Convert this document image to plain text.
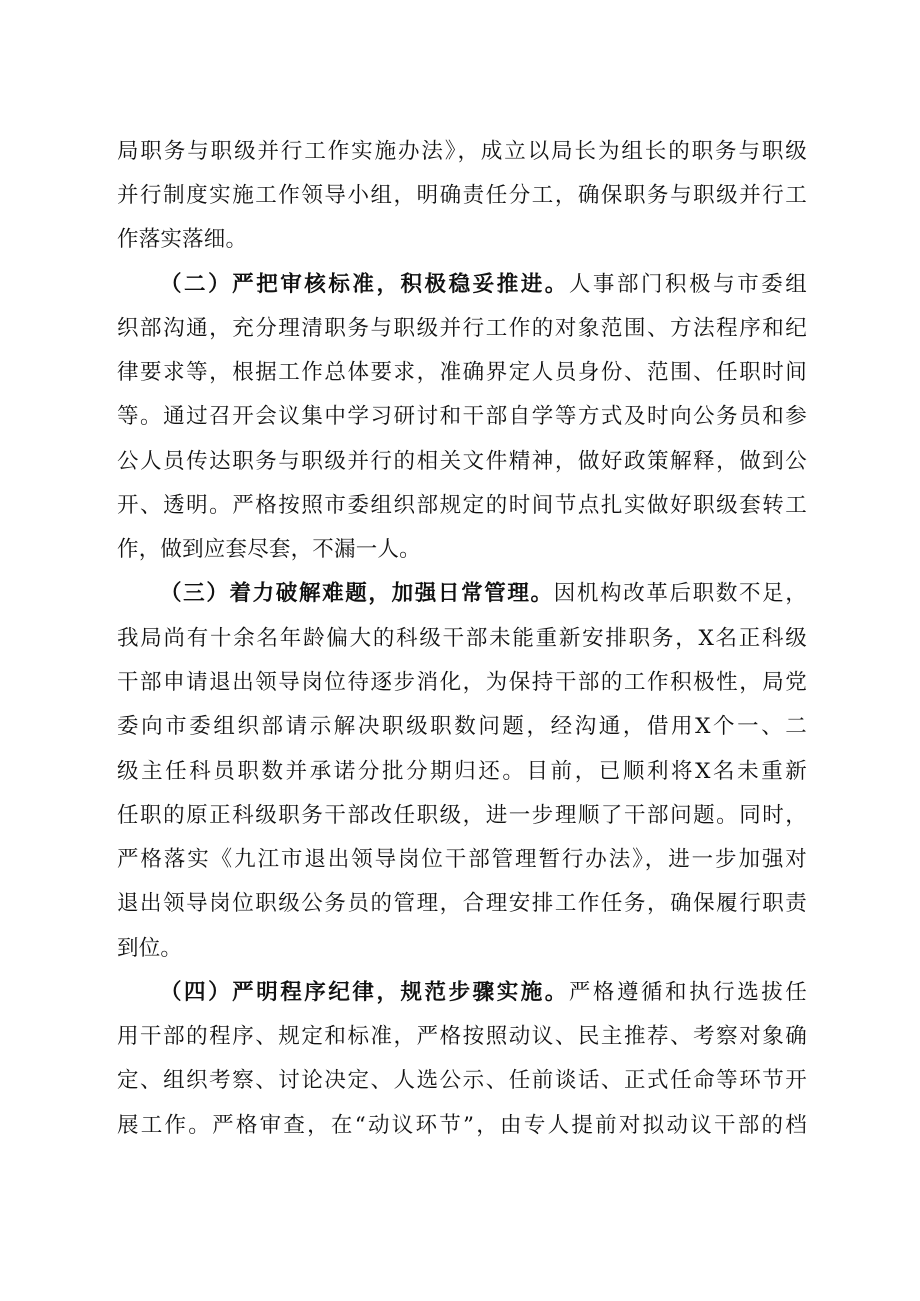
局职务与职级并行工作实施办法》，成立以局长为组长的职务与职级
并行制度实施工作领导小组，明确责任分工，确保职务与职级并行工
作落实落细。
（二）严把审核标准，积极稳妥推进。人事部门积极与市委组
织部沟通，充分理清职务与职级并行工作的对象范围、方法程序和纪
律要求等，根据工作总体要求，准确界定人员身份、范围、任职时间
等。通过召开会议集中学习研讨和干部自学等方式及时向公务员和参
公人员传达职务与职级并行的相关文件精神，做好政策解释，做到公
开、透明。严格按照市委组织部规定的时间节点扎实做好职级套转工
作，做到应套尽套，不漏一人。
（三）着力破解难题，加强日常管理。因机构改革后职数不足，
我局尚有十余名年龄偏大的科级干部未能重新安排职务，X名正科级
干部申请退出领导岗位待逐步消化，为保持干部的工作积极性，局党
委向市委组织部请示解决职级职数问题，经沟通，借用X个一、二
级主任科员职数并承诺分批分期归还。目前，已顺利将X名未重新
任职的原正科级职务干部改任职级，进一步理顺了干部问题。同时，
严格落实《九江市退出领导岗位干部管理暂行办法》，进一步加强对
退出领导岗位职级公务员的管理，合理安排工作任务，确保履行职责
到位。
（四）严明程序纪律，规范步骤实施。严格遵循和执行选拔任
用干部的程序、规定和标准，严格按照动议、民主推荐、考察对象确
定、组织考察、讨论决定、人选公示、任前谈话、正式任命等环节开
展工作。严格审查，在“动议环节”，由专人提前对拟动议干部的档
